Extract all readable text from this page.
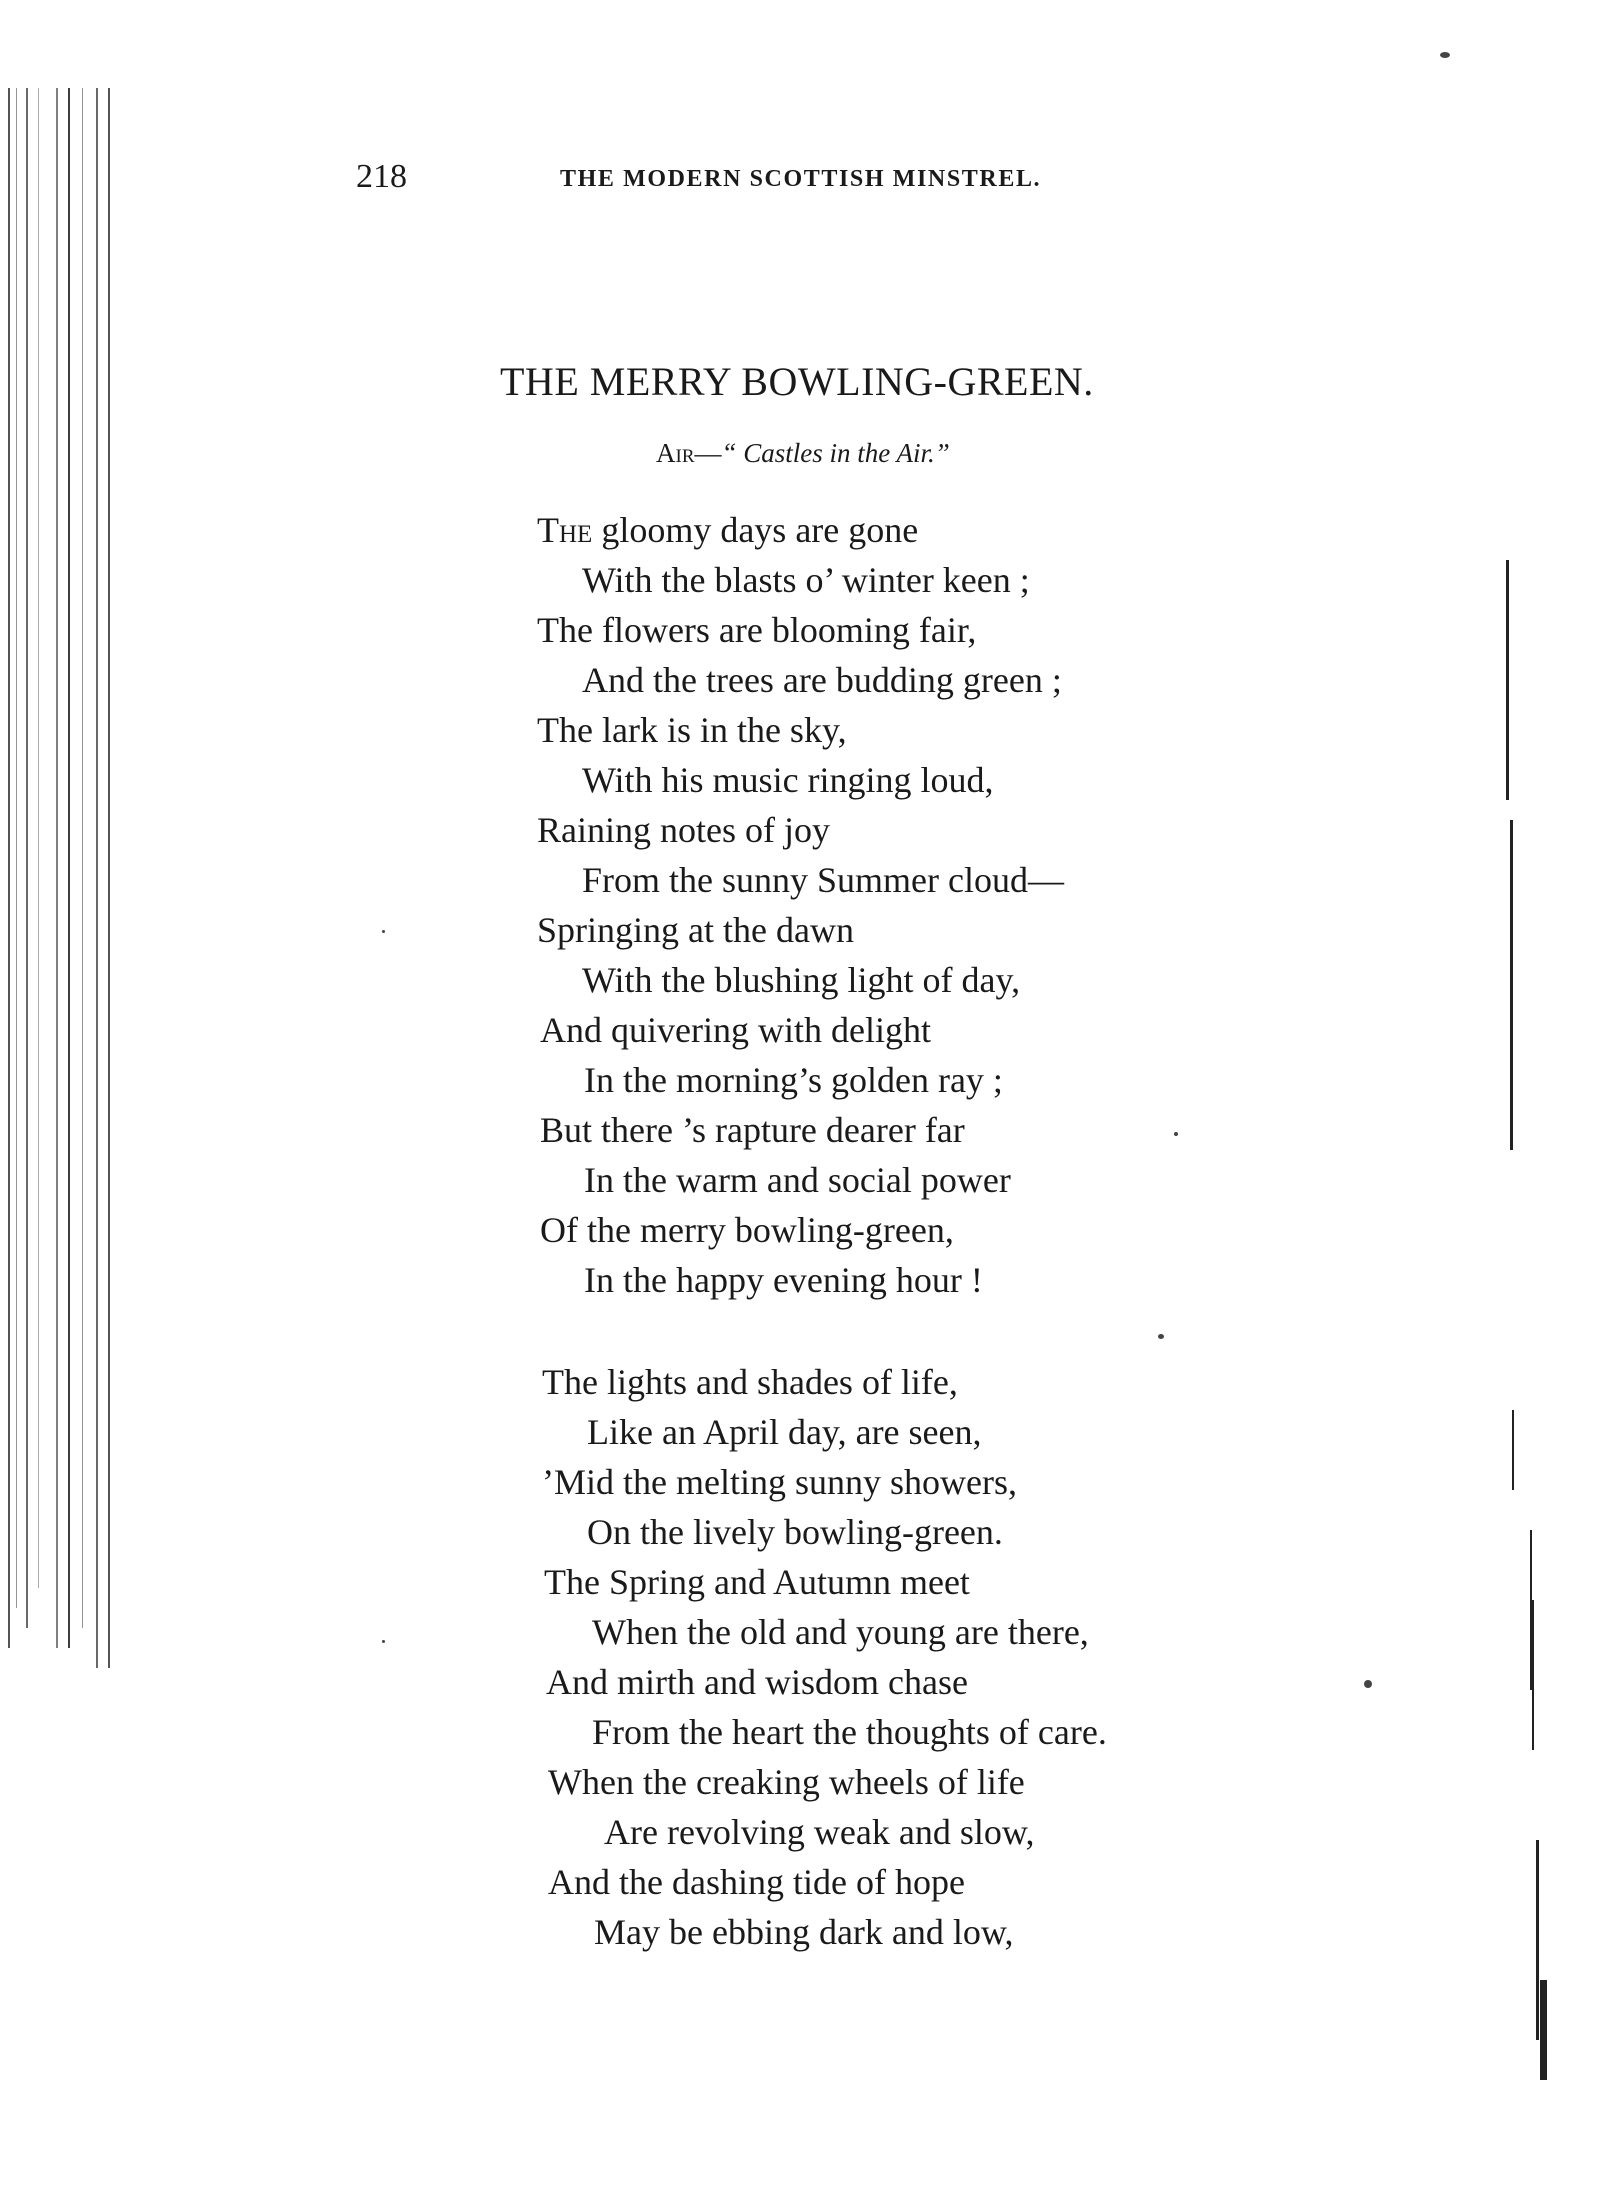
218	THE MODERN SCOTTISH MINSTREL.
THE MERRY BOWLING-GREEN.
Air—“ Castles in the Air.”
The gloomy days are gone
With the blasts o’ winter keen ;
The flowers are blooming fair,
And the trees are budding green ;
The lark is in the sky,
With his music ringing loud,
Raining notes of joy
From the sunny Summer cloud—
Springing at the dawn
With the blushing light of day,
And quivering with delight
In the morning’s golden ray ;
But there ’s rapture dearer far
In the warm and social power
Of the merry bowling-green,
In the happy evening hour !
The lights and shades of life,
Like an April day, are seen,
’Mid the melting sunny showers,
On the lively bowling-green.
The Spring and Autumn meet
When the old and young are there,
And mirth and wisdom chase
From the heart the thoughts of care.
When the creaking wheels of life
Are revolving weak and slow,
And the dashing tide of hope
May be ebbing dark and low,
